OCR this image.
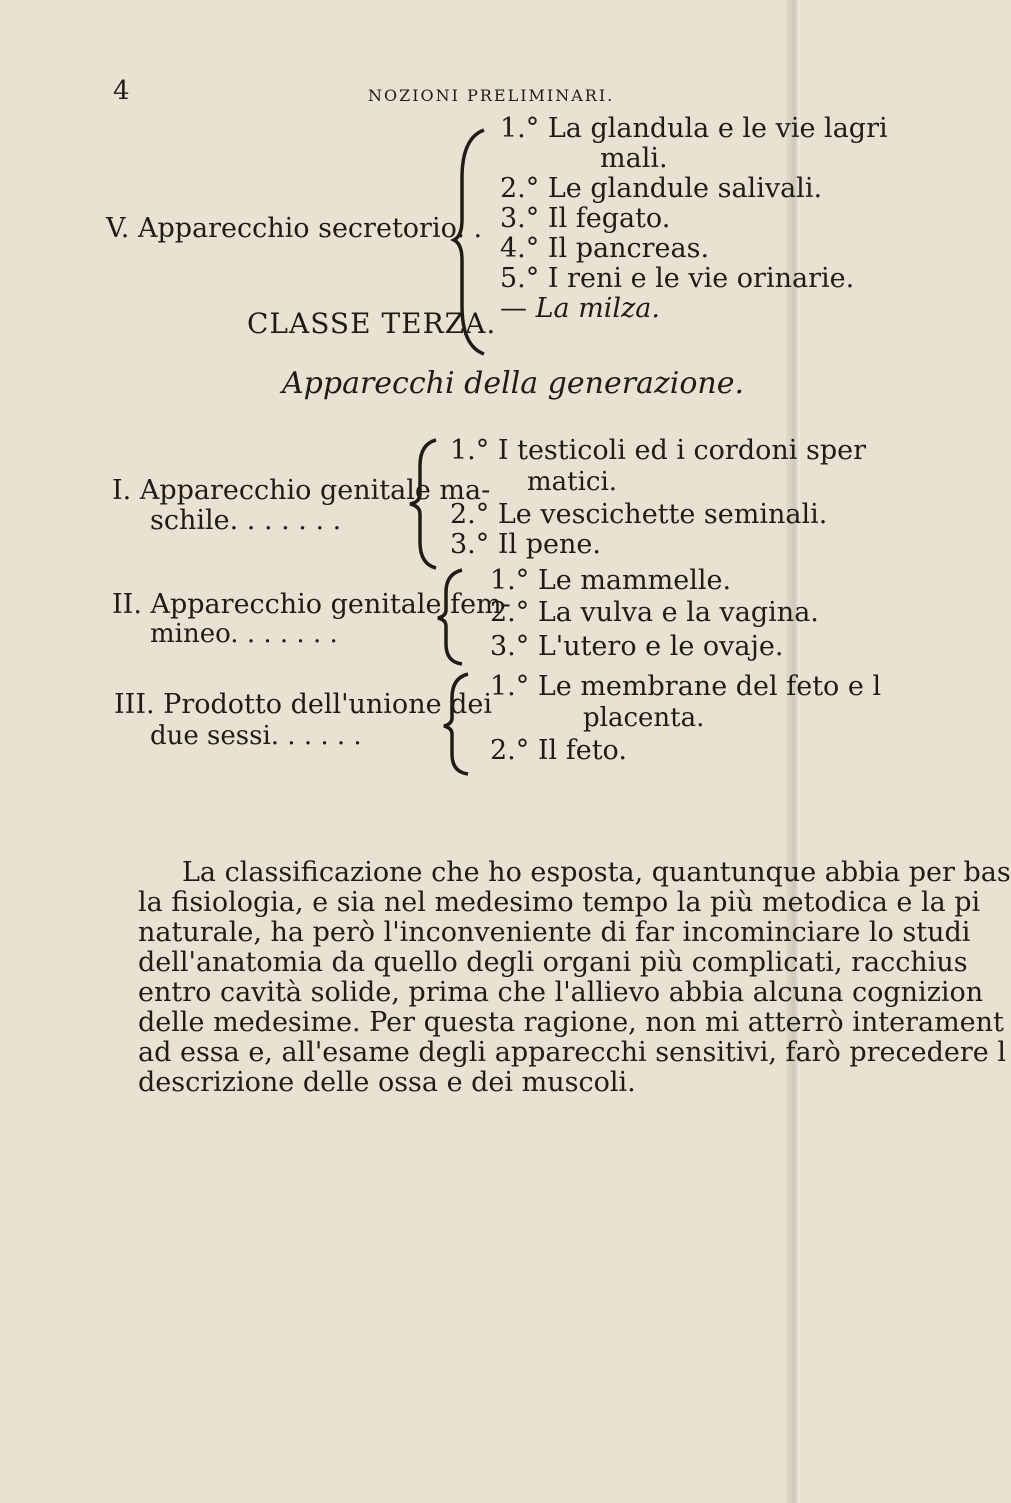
4	NOZIONI PRELIMINARI.
V. Apparecchio secretorio. .
1.° La glandula e le vie lagri
mali.
2.° Le glandule salivali.
3.° Il fegato.
4.° Il pancreas.
5.° I reni e le vie orinarie.
— La milza.
CLASSE TERZA.
Apparecchi della generazione.
I. Apparecchio genitale ma-
schile. . . . . . .
1.° I testicoli ed i cordoni sper
matici.
2.° Le vescichette seminali.
3.° Il pene.
II. Apparecchio genitale fem-
mineo. . . . . . .
1.° Le mammelle.
2.° La vulva e la vagina.
3.° L'utero e le ovaje.
III. Prodotto dell'unione dei
due sessi. . . . . .
1.° Le membrane del feto e l
placenta.
2.° Il feto.
La classificazione che ho esposta, quantunque abbia per bas
la fisiologia, e sia nel medesimo tempo la più metodica e la pi
naturale, ha però l'inconveniente di far incominciare lo studi
dell'anatomia da quello degli organi più complicati, racchius
entro cavità solide, prima che l'allievo abbia alcuna cognizion
delle medesime. Per questa ragione, non mi atterrò interament
ad essa e, all'esame degli apparecchi sensitivi, farò precedere l
descrizione delle ossa e dei muscoli.
